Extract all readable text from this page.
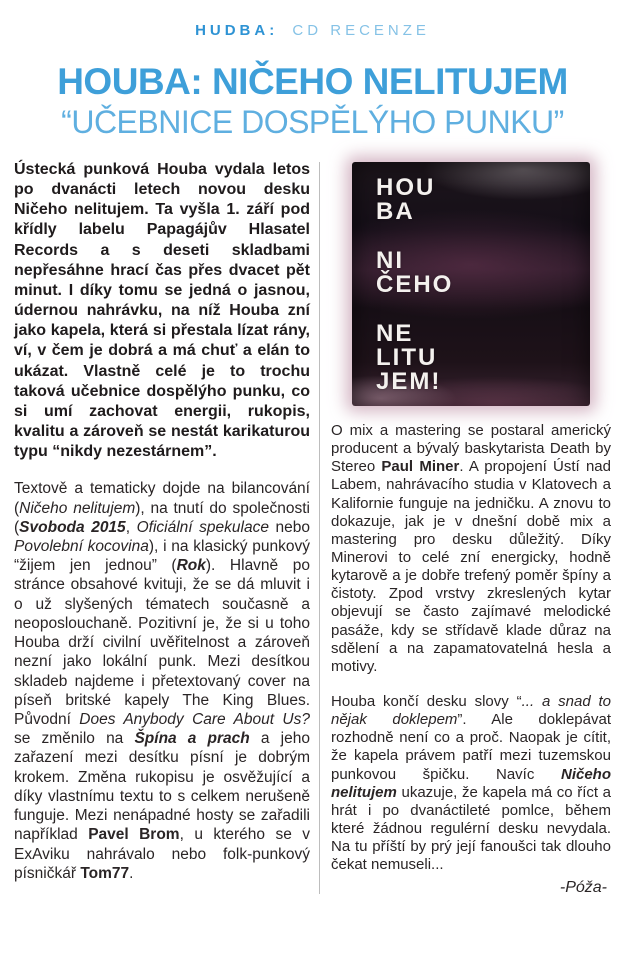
HUDBA: CD RECENZE
HOUBA: NIČEHO NELITUJEM
“UČEBNICE DOSPĚLÝHO PUNKU”

Ústecká punková Houba vydala letos po dvanácti letech novou desku Ničeho nelitujem. Ta vyšla 1. září pod křídly labelu Papagájův Hlasatel Records a s deseti skladbami nepřesáhne hrací čas přes dvacet pět minut. I díky tomu se jedná o jasnou, údernou nahrávku, na níž Houba zní jako kapela, která si přestala lízat rány, ví, v čem je dobrá a má chuť a elán to ukázat. Vlastně celé je to trochu taková učebnice dospělýho punku, co si umí zachovat energii, rukopis, kvalitu a zároveň se nestát karikaturou typu “nikdy nezestárnem”.

Textově a tematicky dojde na bilancování (Ničeho nelitujem), na tnutí do společnosti (Svoboda 2015, Oficiální spekulace nebo Povolební kocovina), i na klasický punkový “žijem jen jednou” (Rok). Hlavně po stránce obsahové kvituji, že se dá mluvit i o už slyšených tématech současně a neoposlouchaně. Pozitivní je, že si u toho Houba drží civilní uvěřitelnost a zároveň nezní jako lokální punk. Mezi desítkou skladeb najdeme i přetextovaný cover na píseň britské kapely The King Blues. Původní Does Anybody Care About Us? se změnilo na Špína a prach a jeho zařazení mezi desítku písní je dobrým krokem. Změna rukopisu je osvěžující a díky vlastnímu textu to s celkem nerušeně funguje. Mezi nenápadné hosty se zařadili například Pavel Brom, u kterého se v ExAviku nahrávalo nebo folk-punkový písničkář Tom77.

HOU
BA
NI
ČEHO
NE
LITU
JEM!

O mix a mastering se postaral americký producent a bývalý baskytarista Death by Stereo Paul Miner. A propojení Ústí nad Labem, nahrávacího studia v Klatovech a Kalifornie funguje na jedničku. A znovu to dokazuje, jak je v dnešní době mix a mastering pro desku důležitý. Díky Minerovi to celé zní energicky, hodně kytarově a je dobře trefený poměr špíny a čistoty. Zpod vrstvy zkreslených kytar objevují se často zajímavé melodické pasáže, kdy se střídavě klade důraz na sdělení a na zapamatovatelná hesla a motivy.

Houba končí desku slovy “... a snad to nějak doklepem”. Ale doklepávat rozhodně není co a proč. Naopak je cítit, že kapela právem patří mezi tuzemskou punkovou špičku. Navíc Ničeho nelitujem ukazuje, že kapela má co říct a hrát i po dvanáctileté pomlce, během které žádnou regulérní desku nevydala. Na tu příští by prý její fanoušci tak dlouho čekat nemuseli...

-Póža-
